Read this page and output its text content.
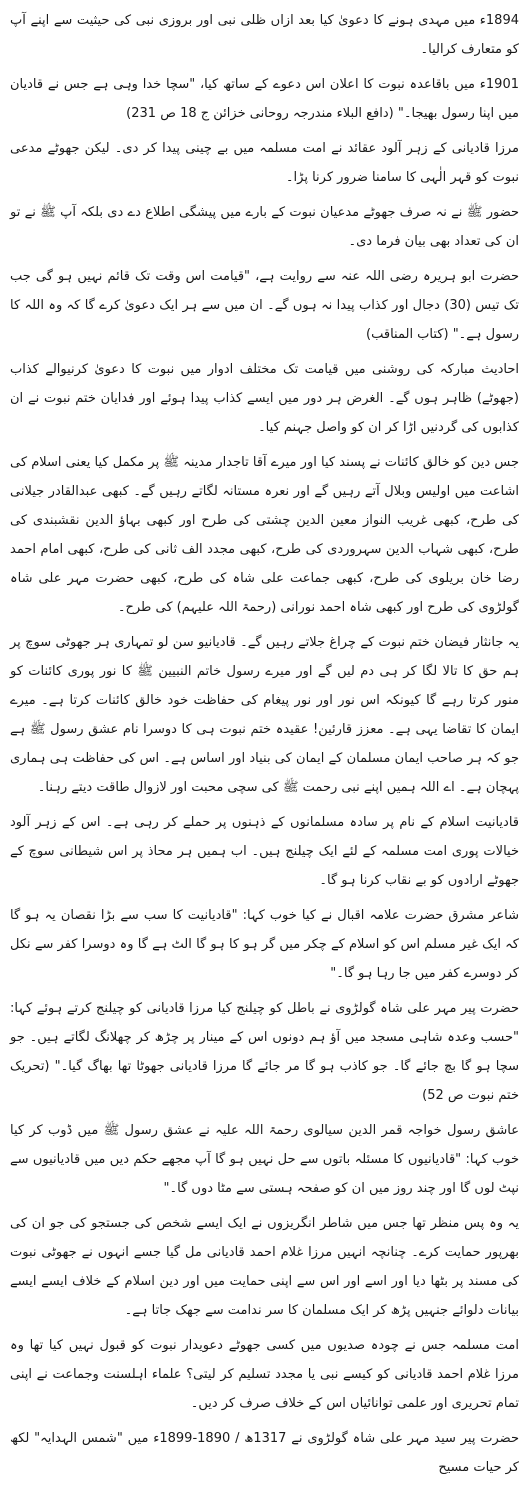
1894ء میں مہدی ہونے کا دعویٰ کیا بعد ازاں ظلی نبی اور بروزی نبی کی حیثیت سے اپنے آپ کو متعارف کرالیا۔

1901ء میں باقاعدہ نبوت کا اعلان اس دعوے کے ساتھ کیا، "سچا خدا وہی ہے جس نے قادیان میں اپنا رسول بھیجا۔" (دافع البلاء مندرجہ روحانی خزائن ج 18 ص 231)

مرزا قادیانی کے زہر آلود عقائد نے امت مسلمہ میں بے چینی پیدا کر دی۔ لیکن جھوٹے مدعی نبوت کو قہر الٰہی کا سامنا ضرور کرنا پڑا۔

حضور ﷺ نے نہ صرف جھوٹے مدعیان نبوت کے بارے میں پیشگی اطلاع دے دی بلکہ آپ ﷺ نے تو ان کی تعداد بھی بیان فرما دی۔

حضرت ابو ہریرہ رضی اللہ عنہ سے روایت ہے، "قیامت اس وقت تک قائم نہیں ہو گی جب تک تیس (30) دجال اور کذاب پیدا نہ ہوں گے۔ ان میں سے ہر ایک دعویٰ کرے گا کہ وہ اللہ کا رسول ہے۔" (کتاب المناقب)

احادیث مبارکہ کی روشنی میں قیامت تک مختلف ادوار میں نبوت کا دعویٰ کرنیوالے کذاب (جھوٹے) ظاہر ہوں گے۔ الغرض ہر دور میں ایسے کذاب پیدا ہوئے اور فدایان ختم نبوت نے ان کذابوں کی گردنیں اڑا کر ان کو واصل جہنم کیا۔

جس دین کو خالق کائنات نے پسند کیا اور میرے آقا تاجدار مدینہ ﷺ پر مکمل کیا یعنی اسلام کی اشاعت میں اولیس وبلال آتے رہیں گے اور نعرہ مستانہ لگاتے رہیں گے۔ کبھی عبدالقادر جیلانی کی طرح، کبھی غریب النواز معین الدین چشتی کی طرح اور کبھی بہاؤ الدین نقشبندی کی طرح، کبھی شہاب الدین سہروردی کی طرح، کبھی مجدد الف ثانی کی طرح، کبھی امام احمد رضا خان بریلوی کی طرح، کبھی جماعت علی شاہ کی طرح، کبھی حضرت مہر علی شاہ گولڑوی کی طرح اور کبھی شاہ احمد نورانی (رحمۃ اللہ علیہم) کی طرح۔

یہ جانثار فیضان ختم نبوت کے چراغ جلاتے رہیں گے۔ قادیانیو سن لو تمہاری ہر جھوٹی سوچ پر ہم حق کا تالا لگا کر ہی دم لیں گے اور میرے رسول خاتم النبیین ﷺ کا نور پوری کائنات کو منور کرتا رہے گا کیونکہ اس نور اور نور پیغام کی حفاظت خود خالق کائنات کرتا ہے۔ میرے ایمان کا تقاضا یہی ہے۔ معزز قارئین! عقیدہ ختم نبوت ہی کا دوسرا نام عشق رسول ﷺ ہے جو کہ ہر صاحب ایمان مسلمان کے ایمان کی بنیاد اور اساس ہے۔ اس کی حفاظت ہی ہماری پہچان ہے۔ اے اللہ ہمیں اپنے نبی رحمت ﷺ کی سچی محبت اور لازوال طاقت دیتے رہنا۔

قادیانیت اسلام کے نام پر سادہ مسلمانوں کے ذہنوں پر حملے کر رہی ہے۔ اس کے زہر آلود خیالات پوری امت مسلمہ کے لئے ایک چیلنج ہیں۔ اب ہمیں ہر محاذ پر اس شیطانی سوچ کے جھوٹے ارادوں کو بے نقاب کرنا ہو گا۔

شاعر مشرق حضرت علامہ اقبال نے کیا خوب کہا: "قادیانیت کا سب سے بڑا نقصان یہ ہو گا کہ ایک غیر مسلم اس کو اسلام کے چکر میں گر ہو کا ہو گا الٹ ہے گا وہ دوسرا کفر سے نکل کر دوسرے کفر میں جا رہا ہو گا۔"

حضرت پیر مہر علی شاہ گولڑوی نے باطل کو چیلنج کیا مرزا قادیانی کو چیلنج کرتے ہوئے کہا: "حسب وعدہ شاہی مسجد میں آؤ ہم دونوں اس کے مینار پر چڑھ کر چھلانگ لگاتے ہیں۔ جو سچا ہو گا بچ جائے گا۔ جو کاذب ہو گا مر جائے گا مرزا قادیانی جھوٹا تھا بھاگ گیا۔" (تحریک ختم نبوت ص 52)

عاشق رسول خواجہ قمر الدین سیالوی رحمۃ اللہ علیہ نے عشق رسول ﷺ میں ڈوب کر کیا خوب کہا: "قادیانیوں کا مسئلہ باتوں سے حل نہیں ہو گا آپ مجھے حکم دیں میں قادیانیوں سے نپٹ لوں گا اور چند روز میں ان کو صفحہ ہستی سے مٹا دوں گا۔"

یہ وہ پس منظر تھا جس میں شاطر انگریزوں نے ایک ایسے شخص کی جستجو کی جو ان کی بھرپور حمایت کرے۔ چنانچہ انہیں مرزا غلام احمد قادیانی مل گیا جسے انہوں نے جھوٹی نبوت کی مسند پر بٹھا دیا اور اسے اور اس سے اپنی حمایت میں اور دین اسلام کے خلاف ایسے ایسے بیانات دلوائے جنہیں پڑھ کر ایک مسلمان کا سر ندامت سے جھک جاتا ہے۔

امت مسلمہ جس نے چودہ صدیوں میں کسی جھوٹے دعویدار نبوت کو قبول نہیں کیا تھا وہ مرزا غلام احمد قادیانی کو کیسے نبی یا مجدد تسلیم کر لیتی؟ علماء اہلسنت وجماعت نے اپنی تمام تحریری اور علمی توانائیاں اس کے خلاف صرف کر دیں۔

حضرت پیر سید مہر علی شاہ گولڑوی نے 1317ھ / 1890-1899ء میں "شمس الہدایہ" لکھ کر حیات مسیح
